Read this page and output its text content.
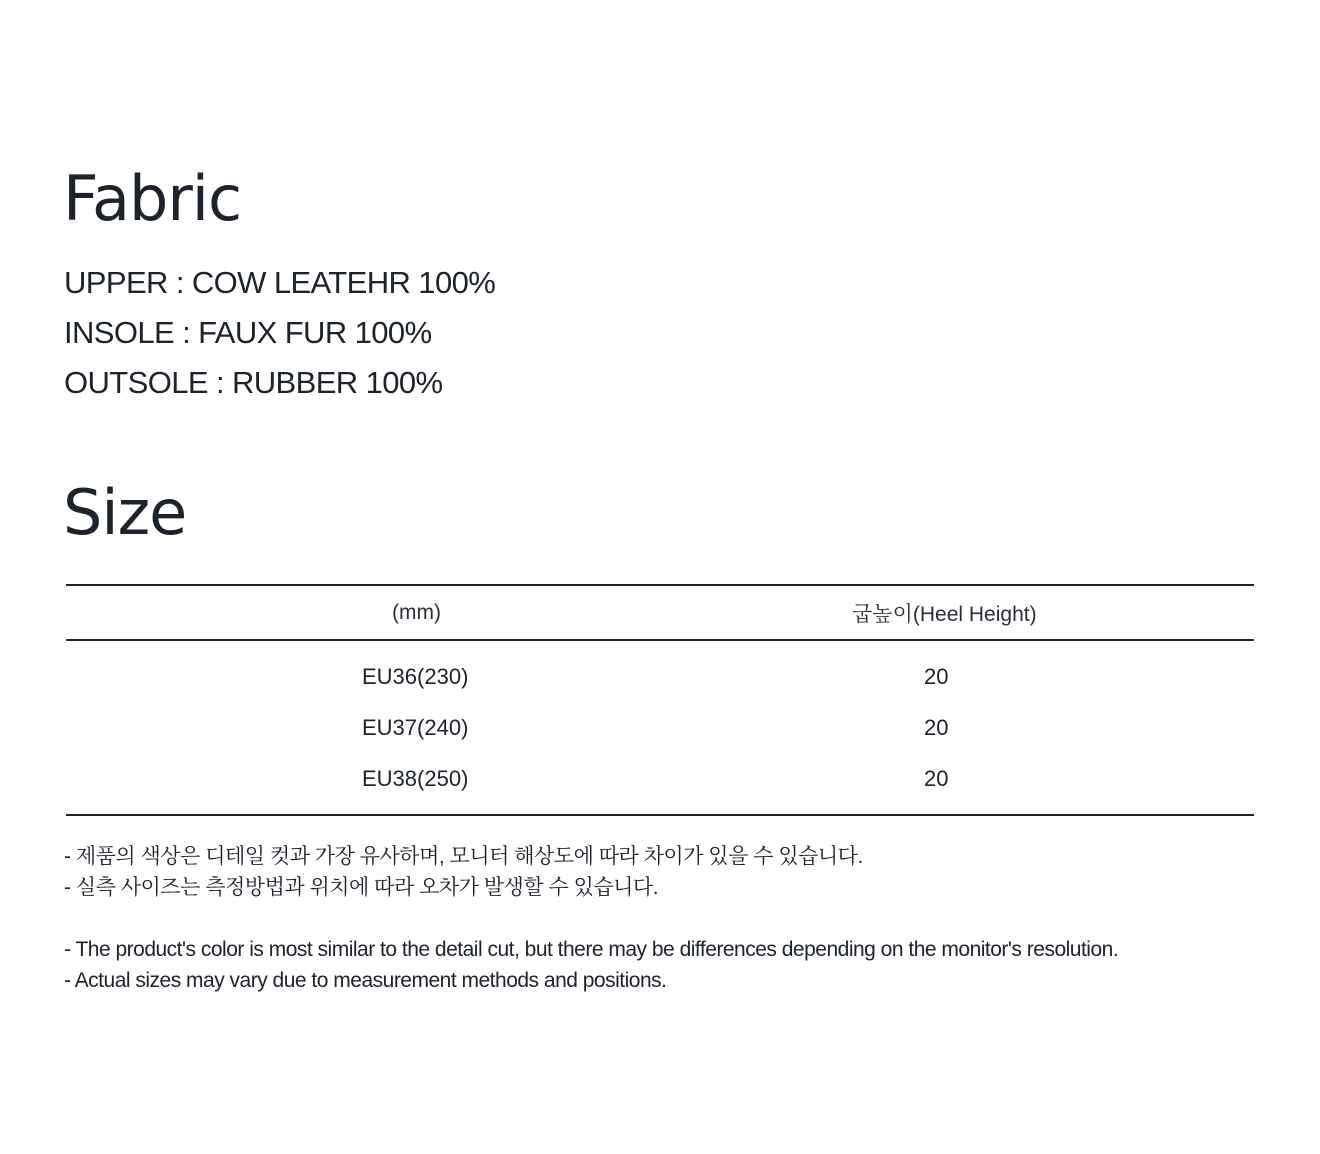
Fabric
UPPER : COW LEATEHR 100%
INSOLE : FAUX FUR 100%
OUTSOLE : RUBBER 100%
Size
(mm)	굽높이(Heel Height)
EU36(230)	20
EU37(240)	20
EU38(250)	20
- 제품의 색상은 디테일 컷과 가장 유사하며, 모니터 해상도에 따라 차이가 있을 수 있습니다.
- 실측 사이즈는 측정방법과 위치에 따라 오차가 발생할 수 있습니다.
- The product's color is most similar to the detail cut, but there may be differences depending on the monitor's resolution.
- Actual sizes may vary due to measurement methods and positions.
